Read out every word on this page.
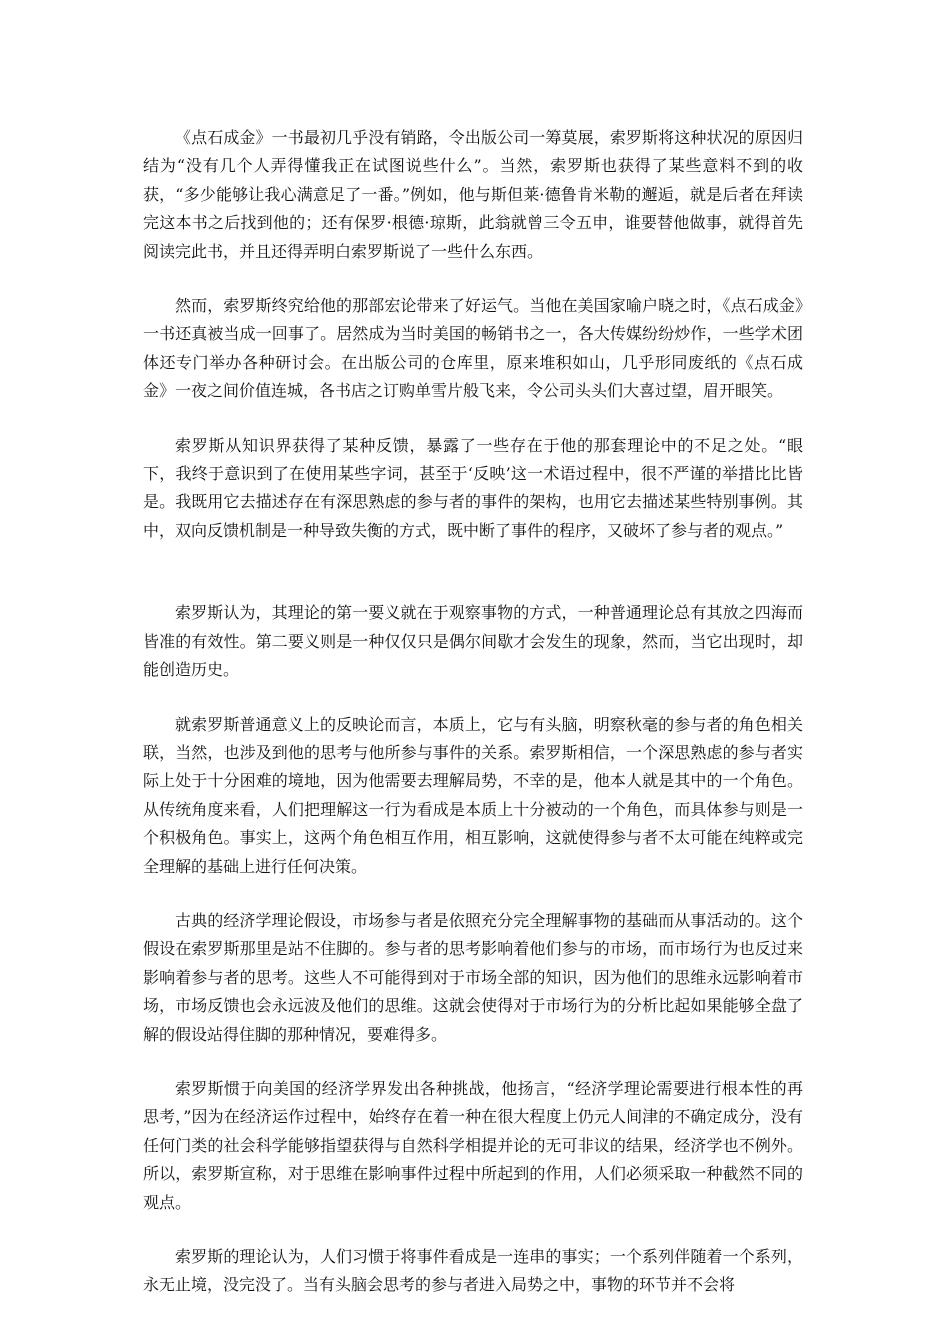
《点石成金》一书最初几乎没有销路，令出版公司一筹莫展，索罗斯将这种状况的原因归结为“没有几个人弄得懂我正在试图说些什么”。当然，索罗斯也获得了某些意料不到的收获，“多少能够让我心满意足了一番。”例如，他与斯但莱·德鲁肯米勒的邂逅，就是后者在拜读完这本书之后找到他的；还有保罗·根德·琼斯，此翁就曾三令五申，谁要替他做事，就得首先阅读完此书，并且还得弄明白索罗斯说了一些什么东西。

然而，索罗斯终究给他的那部宏论带来了好运气。当他在美国家喻户晓之时，《点石成金》一书还真被当成一回事了。居然成为当时美国的畅销书之一，各大传媒纷纷炒作，一些学术团体还专门举办各种研讨会。在出版公司的仓库里，原来堆积如山，几乎形同废纸的《点石成金》一夜之间价值连城，各书店之订购单雪片般飞来，令公司头头们大喜过望，眉开眼笑。

索罗斯从知识界获得了某种反馈，暴露了一些存在于他的那套理论中的不足之处。“眼下，我终于意识到了在使用某些字词，甚至于‘反映’这一术语过程中，很不严谨的举措比比皆是。我既用它去描述存在有深思熟虑的参与者的事件的架构，也用它去描述某些特别事例。其中，双向反馈机制是一种导致失衡的方式，既中断了事件的程序，又破坏了参与者的观点。”

索罗斯认为，其理论的第一要义就在于观察事物的方式，一种普通理论总有其放之四海而皆准的有效性。第二要义则是一种仅仅只是偶尔间歇才会发生的现象，然而，当它出现时，却能创造历史。

就索罗斯普通意义上的反映论而言，本质上，它与有头脑，明察秋毫的参与者的角色相关联，当然，也涉及到他的思考与他所参与事件的关系。索罗斯相信，一个深思熟虑的参与者实际上处于十分困难的境地，因为他需要去理解局势，不幸的是，他本人就是其中的一个角色。从传统角度来看，人们把理解这一行为看成是本质上十分被动的一个角色，而具体参与则是一个积极角色。事实上，这两个角色相互作用，相互影响，这就使得参与者不太可能在纯粹或完全理解的基础上进行任何决策。

古典的经济学理论假设，市场参与者是依照充分完全理解事物的基础而从事活动的。这个假设在索罗斯那里是站不住脚的。参与者的思考影响着他们参与的市场，而市场行为也反过来影响着参与者的思考。这些人不可能得到对于市场全部的知识，因为他们的思维永远影响着市场，市场反馈也会永远波及他们的思维。这就会使得对于市场行为的分析比起如果能够全盘了解的假设站得住脚的那种情况，要难得多。

索罗斯惯于向美国的经济学界发出各种挑战，他扬言，“经济学理论需要进行根本性的再思考，”因为在经济运作过程中，始终存在着一种在很大程度上仍元人间津的不确定成分，没有任何门类的社会科学能够指望获得与自然科学相提并论的无可非议的结果，经济学也不例外。所以，索罗斯宣称，对于思维在影响事件过程中所起到的作用，人们必须采取一种截然不同的观点。

索罗斯的理论认为，人们习惯于将事件看成是一连串的事实；一个系列伴随着一个系列，永无止境，没完没了。当有头脑会思考的参与者进入局势之中，事物的环节并不会将
